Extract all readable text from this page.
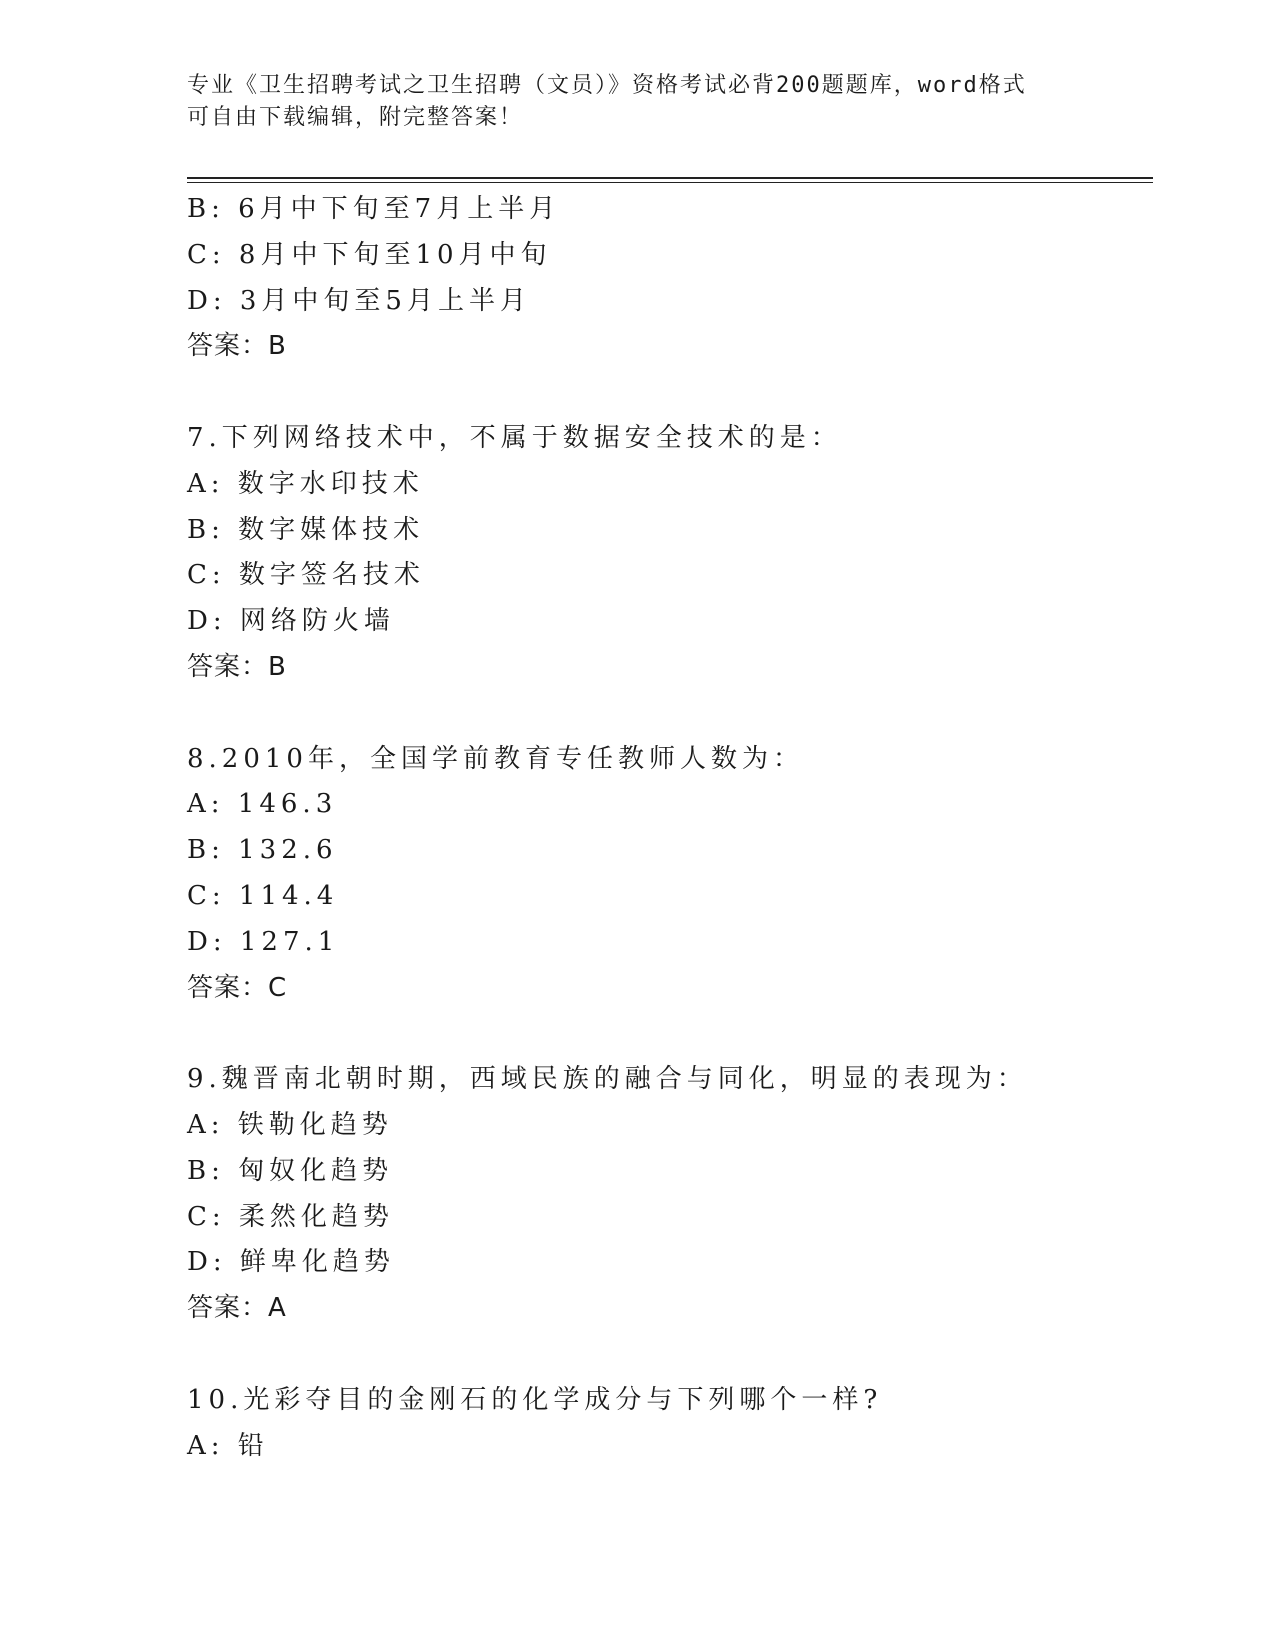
专业《卫生招聘考试之卫生招聘（文员）》资格考试必背200题题库，word格式
可自由下载编辑，附完整答案！
B: 6月中下旬至7月上半月
C: 8月中下旬至10月中旬
D: 3月中旬至5月上半月
答案：B
7.下列网络技术中，不属于数据安全技术的是：
A: 数字水印技术
B: 数字媒体技术
C: 数字签名技术
D: 网络防火墙
答案：B
8.2010年，全国学前教育专任教师人数为：
A: 146.3
B: 132.6
C: 114.4
D: 127.1
答案：C
9.魏晋南北朝时期，西域民族的融合与同化，明显的表现为：
A: 铁勒化趋势
B: 匈奴化趋势
C: 柔然化趋势
D: 鲜卑化趋势
答案：A
10.光彩夺目的金刚石的化学成分与下列哪个一样?
A: 铅
